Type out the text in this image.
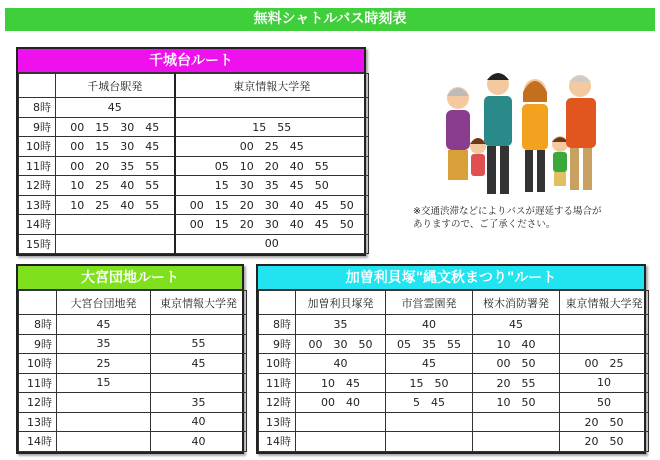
無料シャトルバス時刻表
千城台ルート
	千城台駅発	東京情報大学発
8時	45	
9時	00　15　30　45	15　55
10時	00　15　30　45	00　25　45
11時	00　20　35　55	05　10　20　40　55
12時	10　25　40　55	15　30　35　45　50
13時	10　25　40　55	00　15　20　30　40　45　50
14時		00　15　20　30　40　45　50
15時		00
大宮団地ルート
	大宮台団地発	東京情報大学発
8時	45	
9時	35	55
10時	25	45
11時	15	
12時		35
13時		40
14時		40
加曽利貝塚"縄文秋まつり"ルート
	加曽利貝塚発	市営霊園発	桜木消防署発	東京情報大学発
8時	35	40	45	
9時	00　30　50	05　35　55	10　40	
10時	40	45	00　50	00　25
11時	10　45	15　50	20　55	10
12時	00　40	5　45	10　50	50
13時				20　50
14時				20　50
※交通渋滞などによりバスが遅延する場合が
ありますので、ご了承ください。
